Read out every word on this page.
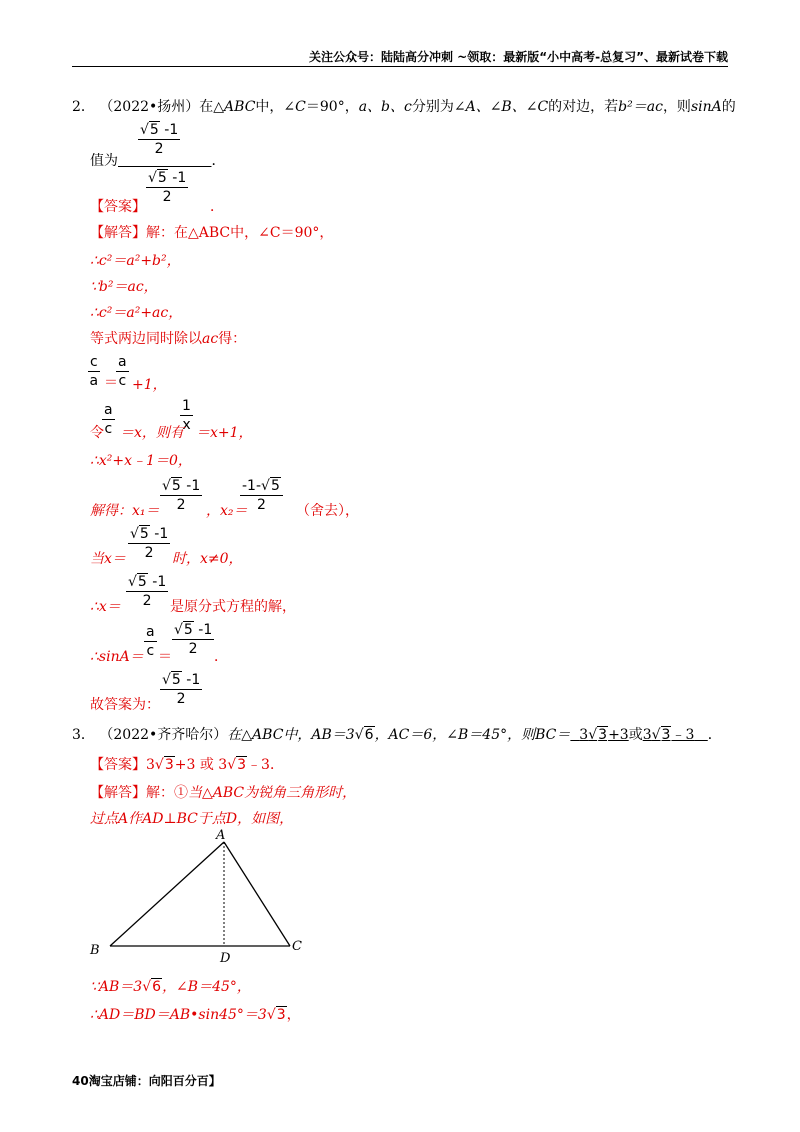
关注公众号：陆陆高分冲刺 ~领取：最新版“小中高考-总复习”、最新试卷下载
2． （2022•扬州）在△ABC中，∠C＝90°，a、b、c分别为∠A、∠B、∠C的对边，若b²＝ac，则sinA的
$\frac{√5 -1}{2}$
值为	．
$\frac{√5 -1}{2}$
【答案】	．
【解答】解：在△ABC中，∠C＝90°，
∴c²＝a²+b²，
∵b²＝ac，
∴c²＝a²+ac，
等式两边同时除以ac得：
$\frac{c}{a} \frac{a}{c}$
＝ +1，
$\frac{a}{c}$	$\frac{1}{x}$
令 ＝x，则有 ＝x+1，
∴x²+x﹣1＝0，
$\frac{√5 -1}{2}$	$\frac{-1-√5}{2}$
解得：x₁＝	，x₂＝	（舍去），
$\frac{√5 -1}{2}$
当x＝	时，x≠0，
$\frac{√5 -1}{2}$
∴x＝	是原分式方程的解，
$\frac{a}{c} \frac{√5 -1}{2}$
∴sinA＝ ＝	．
$\frac{√5 -1}{2}$
故答案为：
3． （2022•齐齐哈尔）在△ABC中，AB＝3√6，AC＝6，∠B＝45°，则BC＝ 3√3+3或3√3﹣3 ．
【答案】3√3+3 或 3√3﹣3．
【解答】解：①当△ABC为锐角三角形时，
过点A作AD⊥BC于点D，如图，
A
B	C
D
∵AB＝3√6，∠B＝45°，
∴AD＝BD＝AB•sin45°＝3√3，
40淘宝店铺：向阳百分百】
